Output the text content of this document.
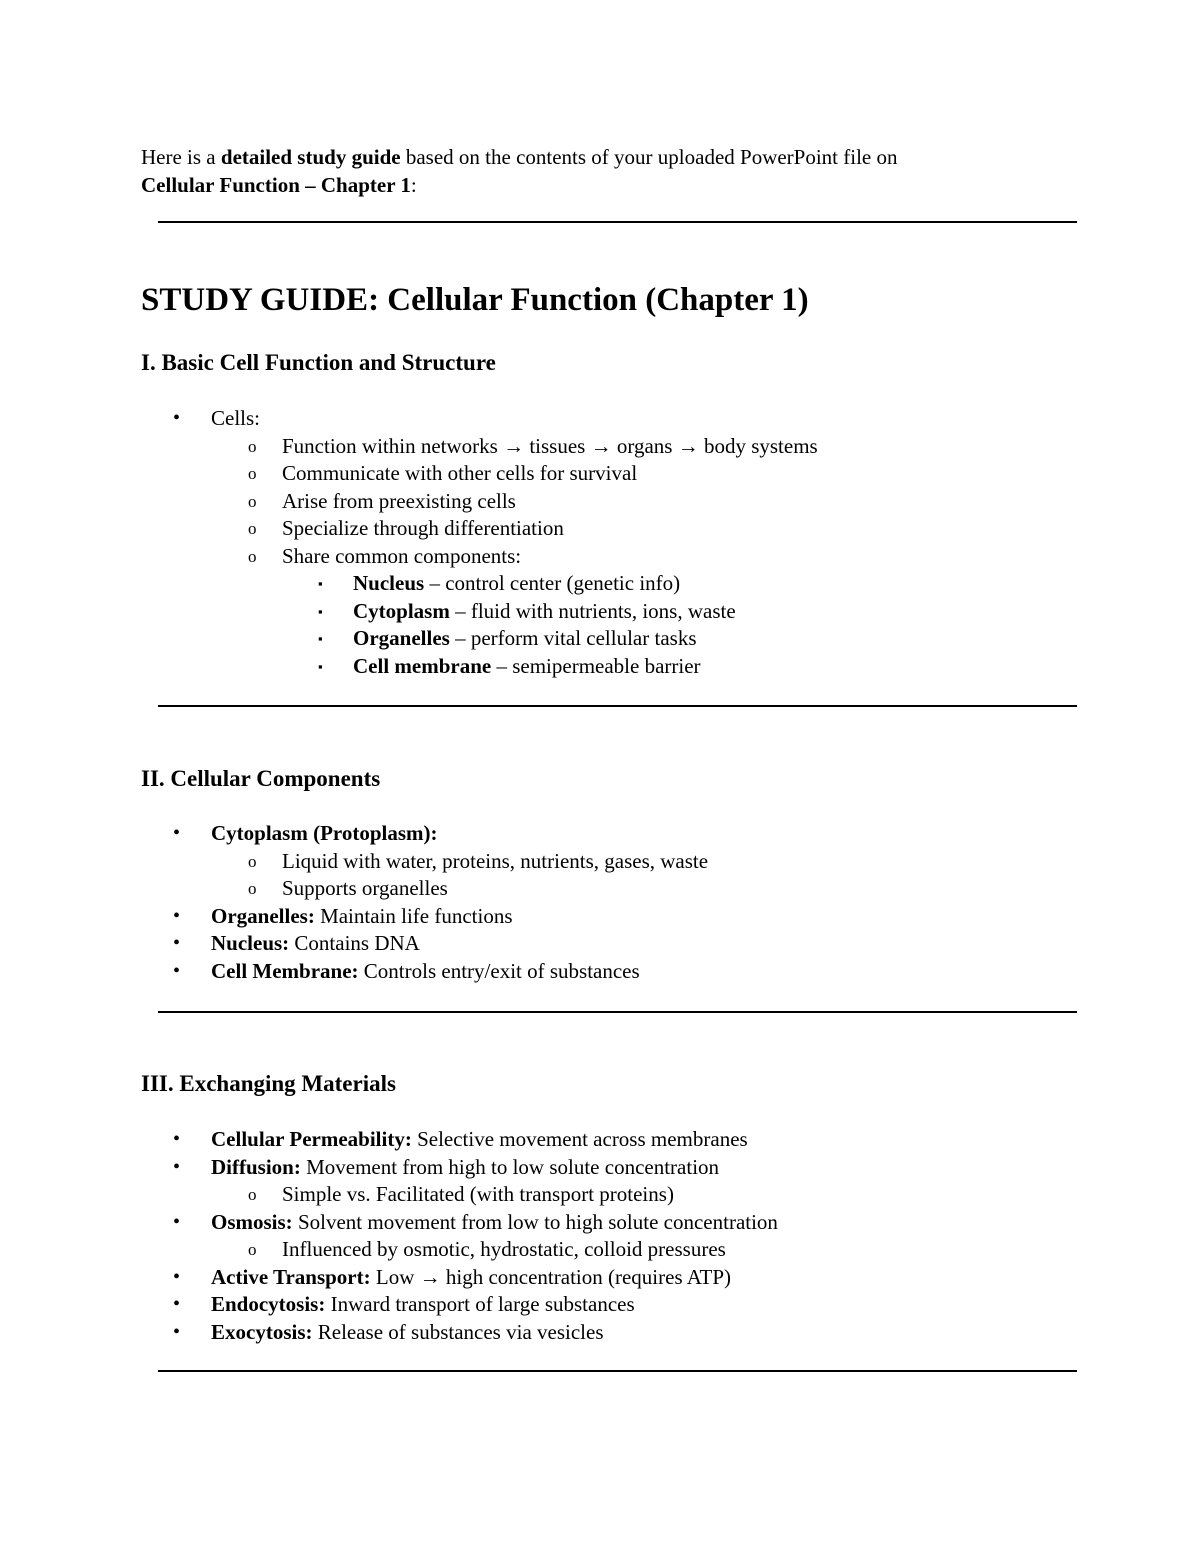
Here is a detailed study guide based on the contents of your uploaded PowerPoint file on
Cellular Function – Chapter 1:
STUDY GUIDE: Cellular Function (Chapter 1)
I. Basic Cell Function and Structure
• Cells:
o Function within networks → tissues → organs → body systems
o Communicate with other cells for survival
o Arise from preexisting cells
o Specialize through differentiation
o Share common components:
▪ Nucleus – control center (genetic info)
▪ Cytoplasm – fluid with nutrients, ions, waste
▪ Organelles – perform vital cellular tasks
▪ Cell membrane – semipermeable barrier
II. Cellular Components
• Cytoplasm (Protoplasm):
o Liquid with water, proteins, nutrients, gases, waste
o Supports organelles
• Organelles: Maintain life functions
• Nucleus: Contains DNA
• Cell Membrane: Controls entry/exit of substances
III. Exchanging Materials
• Cellular Permeability: Selective movement across membranes
• Diffusion: Movement from high to low solute concentration
o Simple vs. Facilitated (with transport proteins)
• Osmosis: Solvent movement from low to high solute concentration
o Influenced by osmotic, hydrostatic, colloid pressures
• Active Transport: Low → high concentration (requires ATP)
• Endocytosis: Inward transport of large substances
• Exocytosis: Release of substances via vesicles
